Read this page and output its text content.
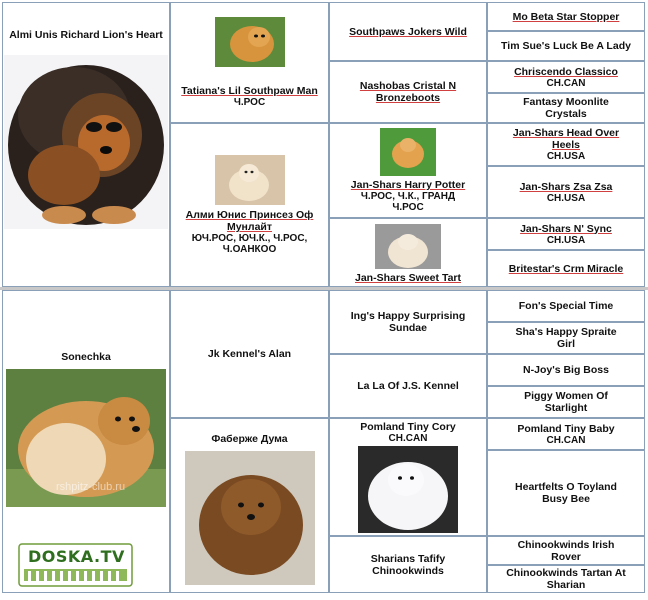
Almi Unis Richard Lion's Heart
Tatiana's Lil Southpaw Man
Ч.РОС
Алми Юнис Принсез Оф Мунлайт
ЮЧ.РОС, ЮЧ.К., Ч.РОС, Ч.ОАНКОО
Southpaws Jokers Wild
Nashobas Cristal N Bronzeboots
Jan-Shars Harry Potter
Ч.РОС, Ч.К., ГРАНД Ч.РОС
Jan-Shars Sweet Tart
Mo Beta Star Stopper
Tim Sue's Luck Be A Lady
Chriscendo Classico
CH.CAN
Fantasy Moonlite Crystals
Jan-Shars Head Over Heels
CH.USA
Jan-Shars Zsa Zsa
CH.USA
Jan-Shars N' Sync
CH.USA
Britestar's Crm Miracle
Sonechka
rshpitz-club.ru
Jk Kennel's Alan
Фаберже Дума
Ing's Happy Surprising Sundae
La La Of J.S. Kennel
Pomland Tiny Cory
CH.CAN
Sharians Tafify Chinookwinds
Fon's Special Time
Sha's Happy Spraite Girl
N-Joy's Big Boss
Piggy Women Of Starlight
Pomland Tiny Baby
CH.CAN
Heartfelts O Toyland Busy Bee
Chinookwinds Irish Rover
Chinookwinds Tartan At Sharian
DOSKA.TV
